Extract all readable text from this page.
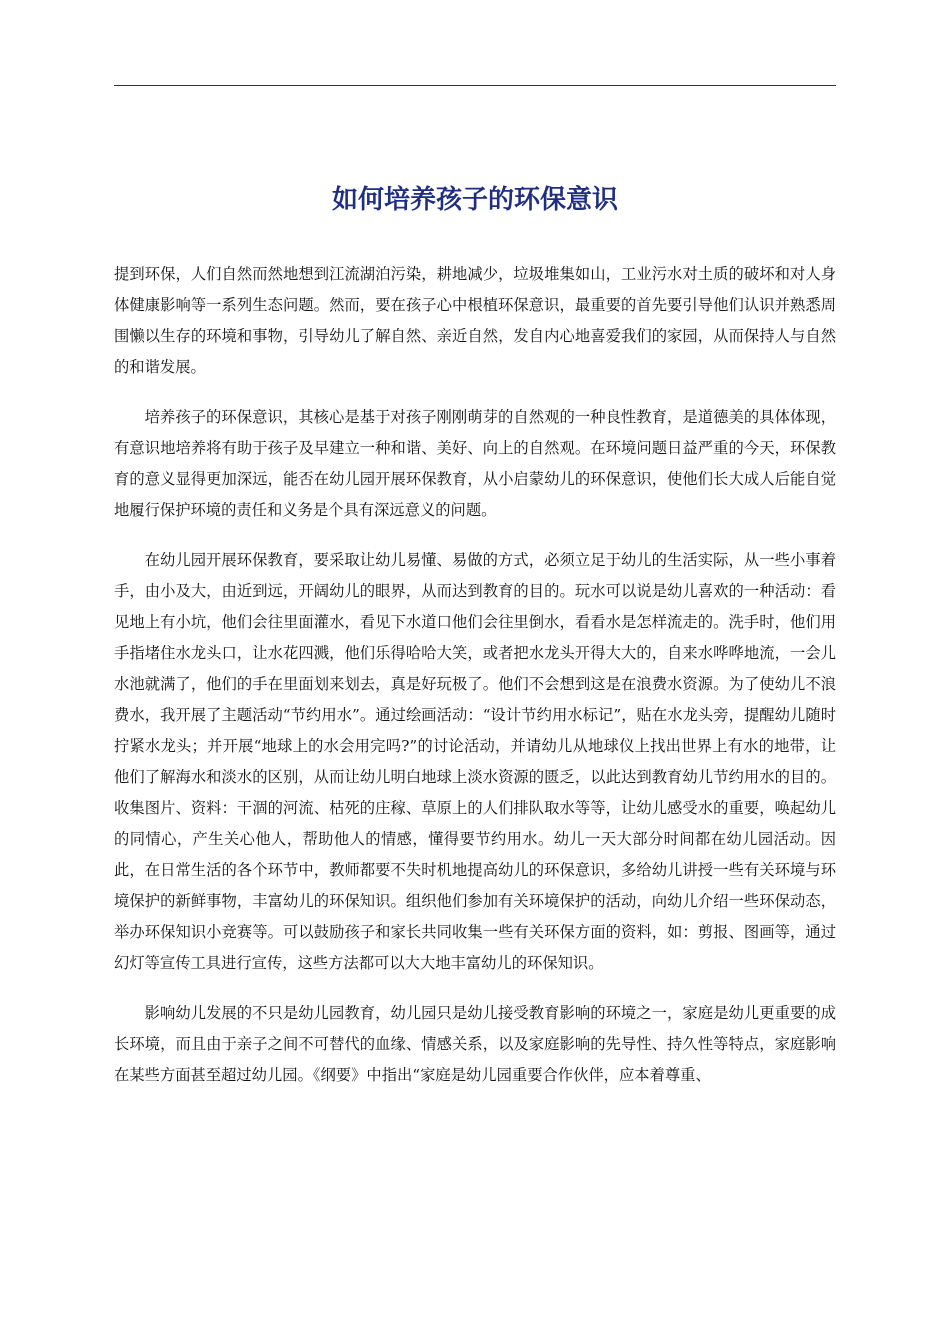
如何培养孩子的环保意识

提到环保，人们自然而然地想到江流湖泊污染，耕地减少，垃圾堆集如山，工业污水对土质的破坏和对人身体健康影响等一系列生态问题。然而，要在孩子心中根植环保意识，最重要的首先要引导他们认识并熟悉周围懒以生存的环境和事物，引导幼儿了解自然、亲近自然，发自内心地喜爱我们的家园，从而保持人与自然的和谐发展。

培养孩子的环保意识，其核心是基于对孩子刚刚萌芽的自然观的一种良性教育，是道德美的具体体现，有意识地培养将有助于孩子及早建立一种和谐、美好、向上的自然观。在环境问题日益严重的今天，环保教育的意义显得更加深远，能否在幼儿园开展环保教育，从小启蒙幼儿的环保意识，使他们长大成人后能自觉地履行保护环境的责任和义务是个具有深远意义的问题。

在幼儿园开展环保教育，要采取让幼儿易懂、易做的方式，必须立足于幼儿的生活实际，从一些小事着手，由小及大，由近到远，开阔幼儿的眼界，从而达到教育的目的。玩水可以说是幼儿喜欢的一种活动：看见地上有小坑，他们会往里面灌水，看见下水道口他们会往里倒水，看看水是怎样流走的。洗手时，他们用手指堵住水龙头口，让水花四溅，他们乐得哈哈大笑，或者把水龙头开得大大的，自来水哗哗地流，一会儿水池就满了，他们的手在里面划来划去，真是好玩极了。他们不会想到这是在浪费水资源。为了使幼儿不浪费水，我开展了主题活动“节约用水”。通过绘画活动：“设计节约用水标记”，贴在水龙头旁，提醒幼儿随时拧紧水龙头；并开展“地球上的水会用完吗?”的讨论活动，并请幼儿从地球仪上找出世界上有水的地带，让他们了解海水和淡水的区别，从而让幼儿明白地球上淡水资源的匮乏，以此达到教育幼儿节约用水的目的。收集图片、资料：干涸的河流、枯死的庄稼、草原上的人们排队取水等等，让幼儿感受水的重要，唤起幼儿的同情心，产生关心他人，帮助他人的情感，懂得要节约用水。幼儿一天大部分时间都在幼儿园活动。因此，在日常生活的各个环节中，教师都要不失时机地提高幼儿的环保意识，多给幼儿讲授一些有关环境与环境保护的新鲜事物，丰富幼儿的环保知识。组织他们参加有关环境保护的活动，向幼儿介绍一些环保动态，举办环保知识小竞赛等。可以鼓励孩子和家长共同收集一些有关环保方面的资料，如：剪报、图画等，通过幻灯等宣传工具进行宣传，这些方法都可以大大地丰富幼儿的环保知识。

影响幼儿发展的不只是幼儿园教育，幼儿园只是幼儿接受教育影响的环境之一，家庭是幼儿更重要的成长环境，而且由于亲子之间不可替代的血缘、情感关系，以及家庭影响的先导性、持久性等特点，家庭影响在某些方面甚至超过幼儿园。《纲要》中指出“家庭是幼儿园重要合作伙伴，应本着尊重、
